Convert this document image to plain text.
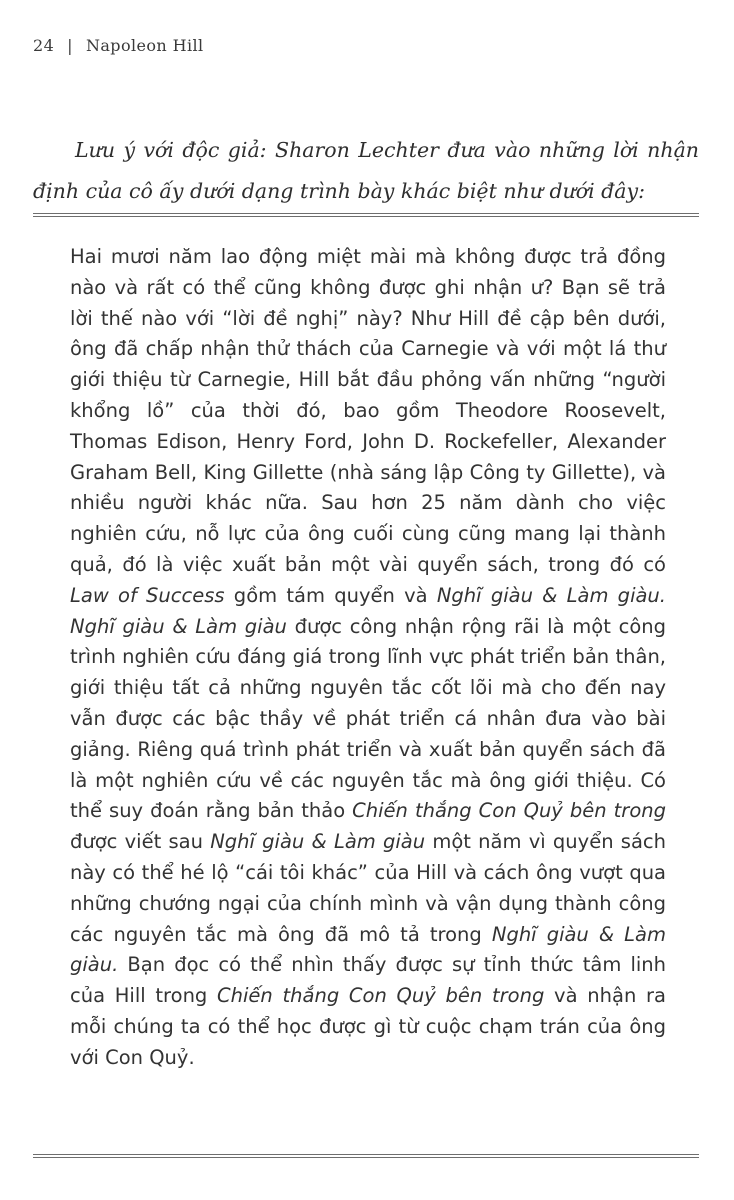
24 | Napoleon Hill

Lưu ý với độc giả: Sharon Lechter đưa vào những lời nhận định của cô ấy dưới dạng trình bày khác biệt như dưới đây:

Hai mươi năm lao động miệt mài mà không được trả đồng nào và rất có thể cũng không được ghi nhận ư? Bạn sẽ trả lời thế nào với “lời đề nghị” này? Như Hill đề cập bên dưới, ông đã chấp nhận thử thách của Carnegie và với một lá thư giới thiệu từ Carnegie, Hill bắt đầu phỏng vấn những “người khổng lồ” của thời đó, bao gồm Theodore Roosevelt, Thomas Edison, Henry Ford, John D. Rockefeller, Alexander Graham Bell, King Gillette (nhà sáng lập Công ty Gillette), và nhiều người khác nữa. Sau hơn 25 năm dành cho việc nghiên cứu, nỗ lực của ông cuối cùng cũng mang lại thành quả, đó là việc xuất bản một vài quyển sách, trong đó có Law of Success gồm tám quyển và Nghĩ giàu & Làm giàu. Nghĩ giàu & Làm giàu được công nhận rộng rãi là một công trình nghiên cứu đáng giá trong lĩnh vực phát triển bản thân, giới thiệu tất cả những nguyên tắc cốt lõi mà cho đến nay vẫn được các bậc thầy về phát triển cá nhân đưa vào bài giảng. Riêng quá trình phát triển và xuất bản quyển sách đã là một nghiên cứu về các nguyên tắc mà ông giới thiệu. Có thể suy đoán rằng bản thảo Chiến thắng Con Quỷ bên trong được viết sau Nghĩ giàu & Làm giàu một năm vì quyển sách này có thể hé lộ “cái tôi khác” của Hill và cách ông vượt qua những chướng ngại của chính mình và vận dụng thành công các nguyên tắc mà ông đã mô tả trong Nghĩ giàu & Làm giàu. Bạn đọc có thể nhìn thấy được sự tỉnh thức tâm linh của Hill trong Chiến thắng Con Quỷ bên trong và nhận ra mỗi chúng ta có thể học được gì từ cuộc chạm trán của ông với Con Quỷ.
